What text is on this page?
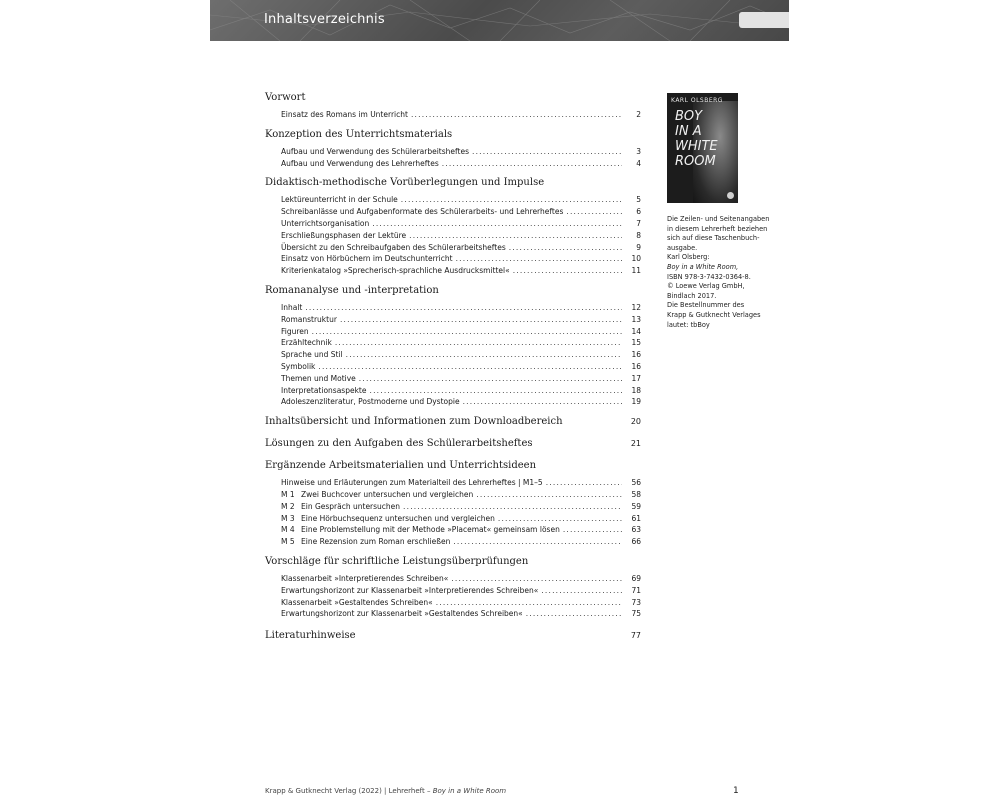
Inhaltsverzeichnis
Vorwort
Einsatz des Romans im Unterricht .....	2
Konzeption des Unterrichtsmaterials
Aufbau und Verwendung des Schülerarbeitsheftes .....	3
Aufbau und Verwendung des Lehrerheftes .....	4
Didaktisch-methodische Vorüberlegungen und Impulse
Lektüreunterricht in der Schule .....	5
Schreibanlässe und Aufgabenformate des Schülerarbeits- und Lehrerheftes .....	6
Unterrichtsorganisation .....	7
Erschließungsphasen der Lektüre .....	8
Übersicht zu den Schreibaufgaben des Schülerarbeitsheftes .....	9
Einsatz von Hörbüchern im Deutschunterricht .....	10
Kriterienkatalog »Sprecherisch-sprachliche Ausdrucksmittel« .....	11
Romananalyse und -interpretation
Inhalt .....	12
Romanstruktur .....	13
Figuren .....	14
Erzähltechnik .....	15
Sprache und Stil .....	16
Symbolik .....	16
Themen und Motive .....	17
Interpretationsaspekte .....	18
Adoleszenzliteratur, Postmoderne und Dystopie .....	19
Inhaltsübersicht und Informationen zum Downloadbereich	20
Lösungen zu den Aufgaben des Schülerarbeitsheftes	21
Ergänzende Arbeitsmaterialien und Unterrichtsideen
Hinweise und Erläuterungen zum Materialteil des Lehrerheftes | M1–5 .....	56
M 1 Zwei Buchcover untersuchen und vergleichen .....	58
M 2 Ein Gespräch untersuchen .....	59
M 3 Eine Hörbuchsequenz untersuchen und vergleichen .....	61
M 4 Eine Problemstellung mit der Methode »Placemat« gemeinsam lösen .....	63
M 5 Eine Rezension zum Roman erschließen .....	66
Vorschläge für schriftliche Leistungsüberprüfungen
Klassenarbeit »Interpretierendes Schreiben« .....	69
Erwartungshorizont zur Klassenarbeit »Interpretierendes Schreiben« .....	71
Klassenarbeit »Gestaltendes Schreiben« .....	73
Erwartungshorizont zur Klassenarbeit »Gestaltendes Schreiben« .....	75
Literaturhinweise	77
KARL OLSBERG
BOY
IN A
WHITE
ROOM
Die Zeilen- und Seitenangaben
in diesem Lehrerheft beziehen
sich auf diese Taschenbuch-
ausgabe.
Karl Olsberg:
Boy in a White Room,
ISBN 978-3-7432-0364-8.
© Loewe Verlag GmbH,
Bindlach 2017.
Die Bestellnummer des
Krapp & Gutknecht Verlages
lautet: tbBoy
Krapp & Gutknecht Verlag (2022) | Lehrerheft – Boy in a White Room	1
